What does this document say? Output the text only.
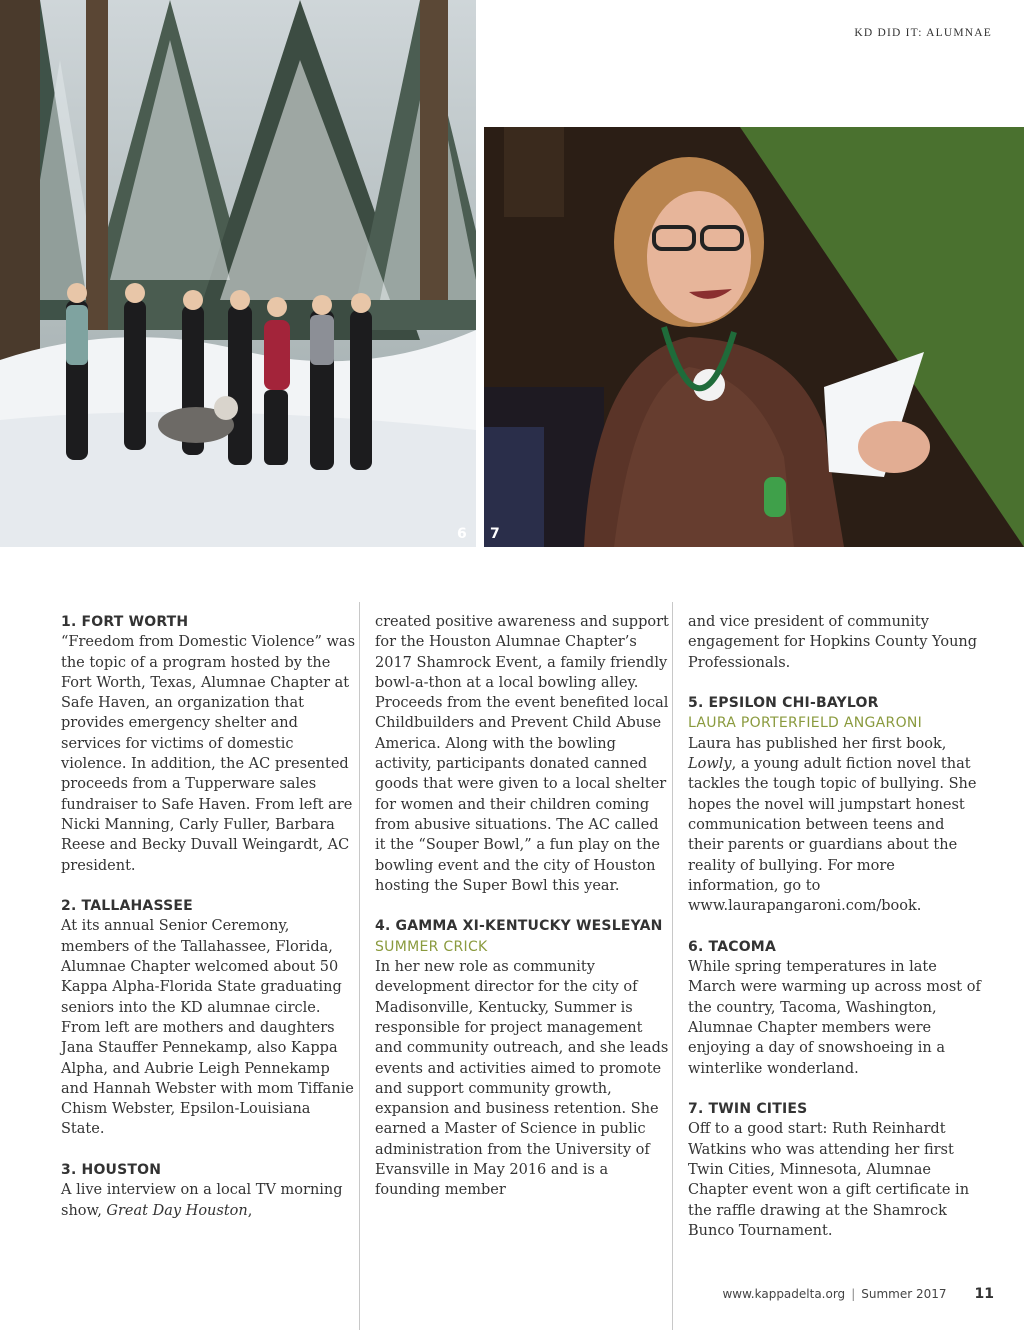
KD DID IT: ALUMNAE
6 7
1. FORT WORTH

“Freedom from Domestic Violence” was the topic of a program hosted by the Fort Worth, Texas, Alumnae Chapter at Safe Haven, an organization that provides emergency shelter and services for victims of domestic violence. In addition, the AC presented proceeds from a Tupperware sales fundraiser to Safe Haven. From left are Nicki Manning, Carly Fuller, Barbara Reese and Becky Duvall Weingardt, AC president.

2. TALLAHASSEE

At its annual Senior Ceremony, members of the Tallahassee, Florida, Alumnae Chapter welcomed about 50 Kappa Alpha-Florida State graduating seniors into the KD alumnae circle. From left are mothers and daughters Jana Stauffer Pennekamp, also Kappa Alpha, and Aubrie Leigh Pennekamp and Hannah Webster with mom Tiffanie Chism Webster, Epsilon-Louisiana State.

3. HOUSTON

A live interview on a local TV morning show, Great Day Houston,

created positive awareness and support for the Houston Alumnae Chapter’s 2017 Shamrock Event, a family friendly bowl-a-thon at a local bowling alley. Proceeds from the event benefited local Childbuilders and Prevent Child Abuse America. Along with the bowling activity, participants donated canned goods that were given to a local shelter for women and their children coming from abusive situations. The AC called it the “Souper Bowl,” a fun play on the bowling event and the city of Houston hosting the Super Bowl this year.

4. GAMMA XI-KENTUCKY WESLEYAN
SUMMER CRICK

In her new role as community development director for the city of Madisonville, Kentucky, Summer is responsible for project management and community outreach, and she leads events and activities aimed to promote and support community growth, expansion and business retention. She earned a Master of Science in public administration from the University of Evansville in May 2016 and is a founding member

and vice president of community engagement for Hopkins County Young Professionals.

5. EPSILON CHI-BAYLOR
LAURA PORTERFIELD ANGARONI

Laura has published her first book, Lowly, a young adult fiction novel that tackles the tough topic of bullying. She hopes the novel will jumpstart honest communication between teens and their parents or guardians about the reality of bullying. For more information, go to www.laurapangaroni.com/book.

6. TACOMA

While spring temperatures in late March were warming up across most of the country, Tacoma, Washington, Alumnae Chapter members were enjoying a day of snowshoeing in a winterlike wonderland.

7. TWIN CITIES

Off to a good start: Ruth Reinhardt Watkins who was attending her first Twin Cities, Minnesota, Alumnae Chapter event won a gift certificate in the raffle drawing at the Shamrock Bunco Tournament.

www.kappadelta.org | Summer 2017 11
